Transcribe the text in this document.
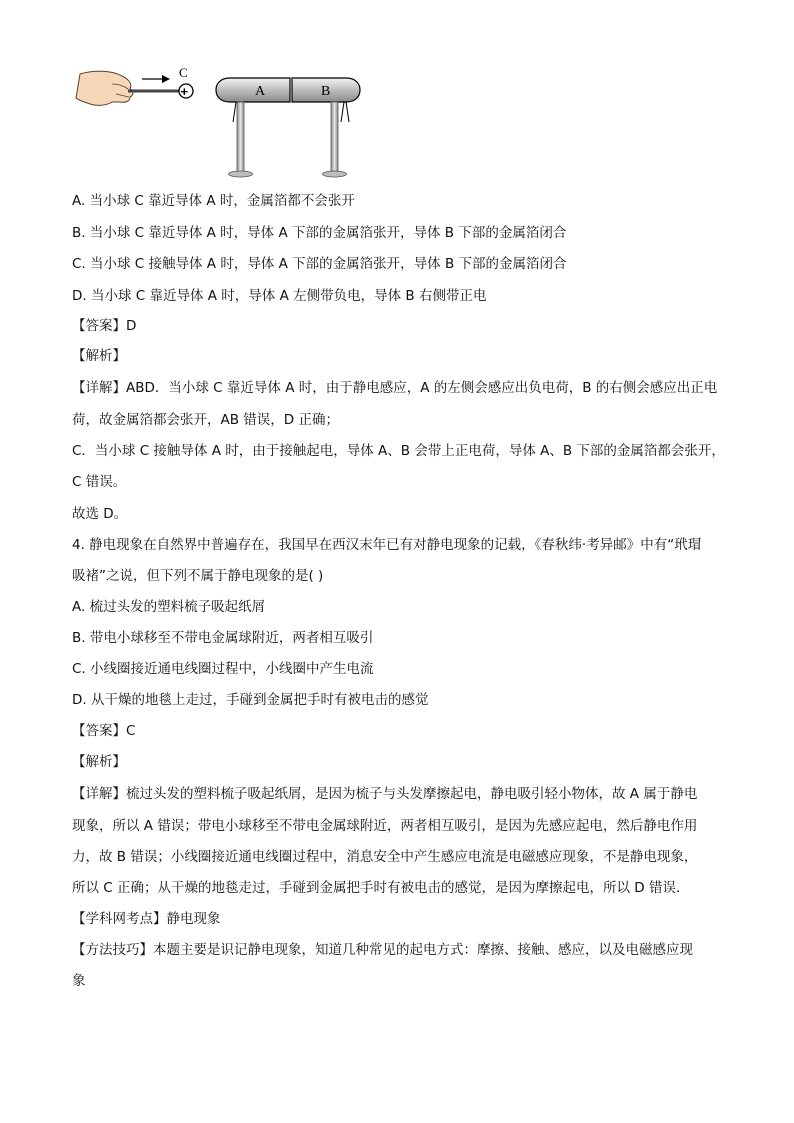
C
+	A	B
A. 当小球 C 靠近导体 A 时，金属箔都不会张开
B. 当小球 C 靠近导体 A 时，导体 A 下部的金属箔张开，导体 B 下部的金属箔闭合
C. 当小球 C 接触导体 A 时，导体 A 下部的金属箔张开，导体 B 下部的金属箔闭合
D. 当小球 C 靠近导体 A 时，导体 A 左侧带负电，导体 B 右侧带正电
【答案】D
【解析】
【详解】ABD．当小球 C 靠近导体 A 时，由于静电感应，A 的左侧会感应出负电荷，B 的右侧会感应出正电
荷，故金属箔都会张开，AB 错误，D 正确；
C．当小球 C 接触导体 A 时，由于接触起电，导体 A、B 会带上正电荷，导体 A、B 下部的金属箔都会张开，
C 错误。
故选 D。
4. 静电现象在自然界中普遍存在，我国早在西汉末年已有对静电现象的记载，《春秋纬·考异邮》中有“玳瑁
吸褚”之说，但下列不属于静电现象的是( )
A. 梳过头发的塑料梳子吸起纸屑
B. 带电小球移至不带电金属球附近，两者相互吸引
C. 小线圈接近通电线圈过程中，小线圈中产生电流
D. 从干燥的地毯上走过，手碰到金属把手时有被电击的感觉
【答案】C
【解析】
【详解】梳过头发的塑料梳子吸起纸屑，是因为梳子与头发摩擦起电，静电吸引轻小物体，故 A 属于静电
现象，所以 A 错误；带电小球移至不带电金属球附近，两者相互吸引，是因为先感应起电，然后静电作用
力，故 B 错误；小线圈接近通电线圈过程中，消息安全中产生感应电流是电磁感应现象，不是静电现象，
所以 C 正确；从干燥的地毯走过，手碰到金属把手时有被电击的感觉，是因为摩擦起电，所以 D 错误．
【学科网考点】静电现象
【方法技巧】本题主要是识记静电现象，知道几种常见的起电方式：摩擦、接触、感应，以及电磁感应现
象
